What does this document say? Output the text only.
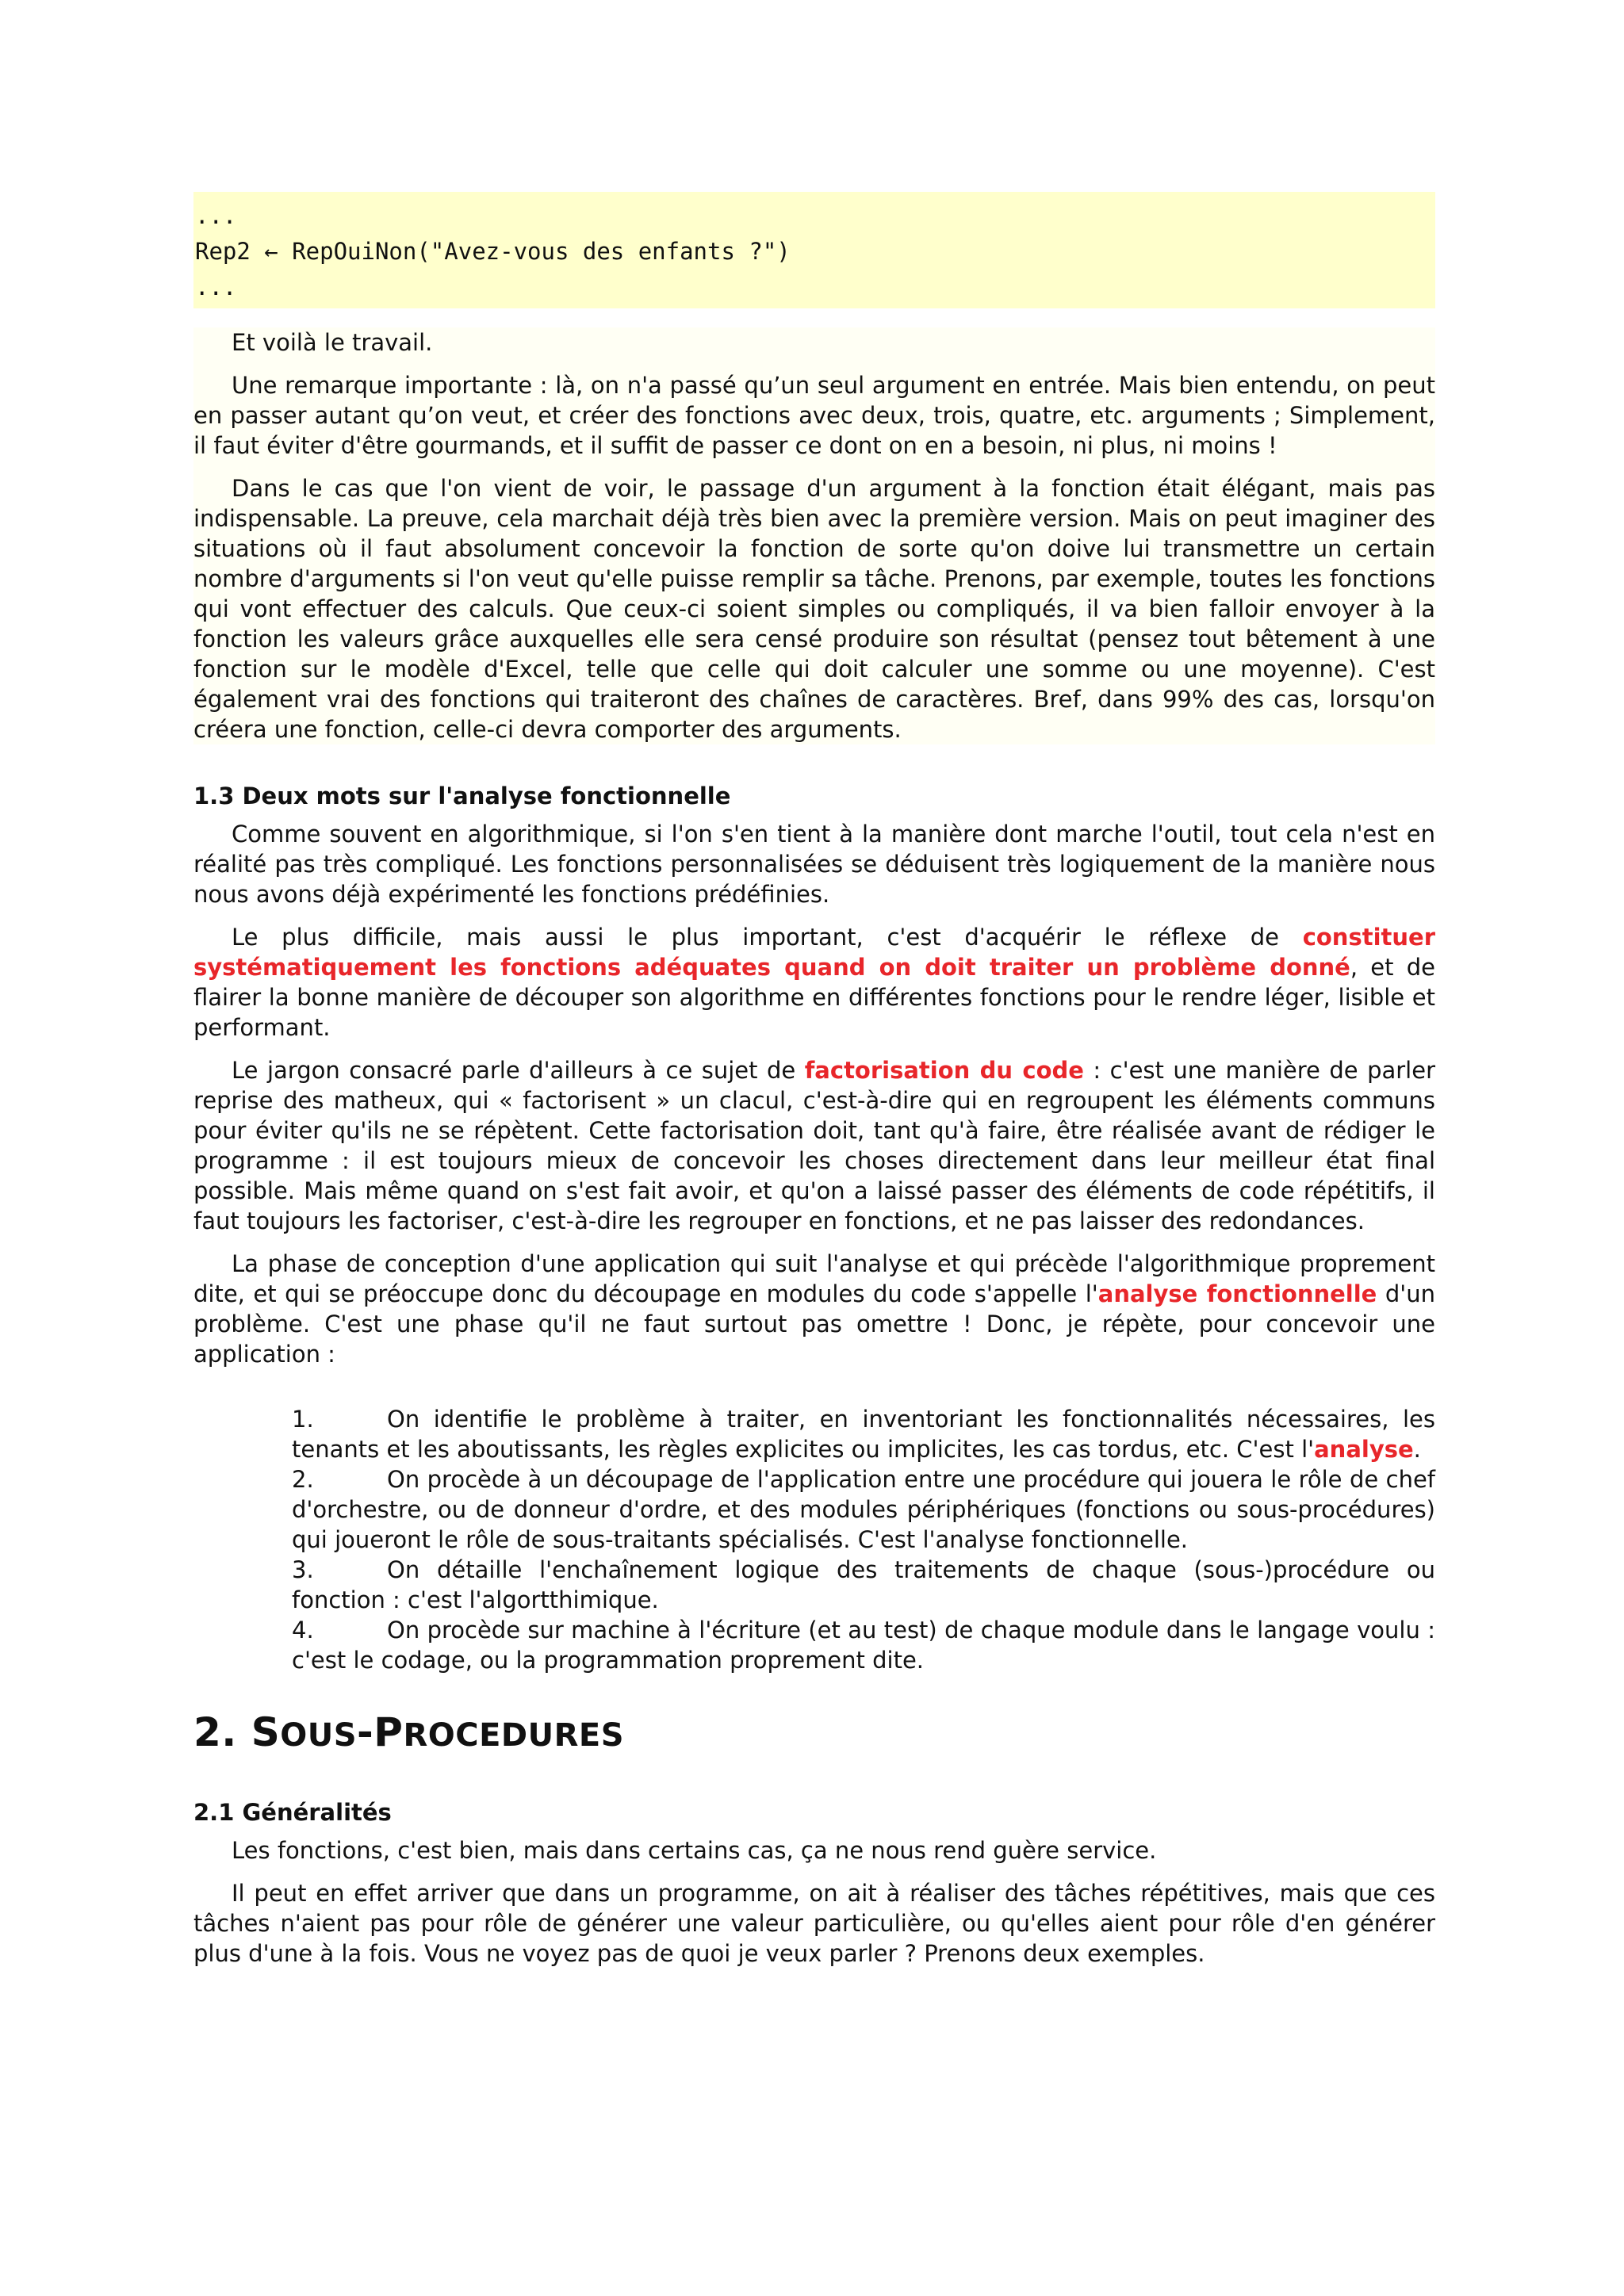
...
Rep2 ← RepOuiNon("Avez-vous des enfants ?")
...

Et voilà le travail.

Une remarque importante : là, on n'a passé qu’un seul argument en entrée. Mais bien entendu, on peut en passer autant qu’on veut, et créer des fonctions avec deux, trois, quatre, etc. arguments ; Simplement, il faut éviter d'être gourmands, et il suffit de passer ce dont on en a besoin, ni plus, ni moins !

Dans le cas que l'on vient de voir, le passage d'un argument à la fonction était élégant, mais pas indispensable. La preuve, cela marchait déjà très bien avec la première version. Mais on peut imaginer des situations où il faut absolument concevoir la fonction de sorte qu'on doive lui transmettre un certain nombre d'arguments si l'on veut qu'elle puisse remplir sa tâche. Prenons, par exemple, toutes les fonctions qui vont effectuer des calculs. Que ceux-ci soient simples ou compliqués, il va bien falloir envoyer à la fonction les valeurs grâce auxquelles elle sera censé produire son résultat (pensez tout bêtement à une fonction sur le modèle d'Excel, telle que celle qui doit calculer une somme ou une moyenne). C'est également vrai des fonctions qui traiteront des chaînes de caractères. Bref, dans 99% des cas, lorsqu'on créera une fonction, celle-ci devra comporter des arguments.

1.3 Deux mots sur l'analyse fonctionnelle

Comme souvent en algorithmique, si l'on s'en tient à la manière dont marche l'outil, tout cela n'est en réalité pas très compliqué. Les fonctions personnalisées se déduisent très logiquement de la manière nous nous avons déjà expérimenté les fonctions prédéfinies.

Le plus difficile, mais aussi le plus important, c'est d'acquérir le réflexe de constituer systématiquement les fonctions adéquates quand on doit traiter un problème donné, et de flairer la bonne manière de découper son algorithme en différentes fonctions pour le rendre léger, lisible et performant.

Le jargon consacré parle d'ailleurs à ce sujet de factorisation du code : c'est une manière de parler reprise des matheux, qui « factorisent » un clacul, c'est-à-dire qui en regroupent les éléments communs pour éviter qu'ils ne se répètent. Cette factorisation doit, tant qu'à faire, être réalisée avant de rédiger le programme : il est toujours mieux de concevoir les choses directement dans leur meilleur état final possible. Mais même quand on s'est fait avoir, et qu'on a laissé passer des éléments de code répétitifs, il faut toujours les factoriser, c'est-à-dire les regrouper en fonctions, et ne pas laisser des redondances.

La phase de conception d'une application qui suit l'analyse et qui précède l'algorithmique proprement dite, et qui se préoccupe donc du découpage en modules du code s'appelle l'analyse fonctionnelle d'un problème. C'est une phase qu'il ne faut surtout pas omettre ! Donc, je répète, pour concevoir une application :

1.	On identifie le problème à traiter, en inventoriant les fonctionnalités nécessaires, les tenants et les aboutissants, les règles explicites ou implicites, les cas tordus, etc. C'est l'analyse.
2.	On procède à un découpage de l'application entre une procédure qui jouera le rôle de chef d'orchestre, ou de donneur d'ordre, et des modules périphériques (fonctions ou sous-procédures) qui joueront le rôle de sous-traitants spécialisés. C'est l'analyse fonctionnelle.
3.	On détaille l'enchaînement logique des traitements de chaque (sous-)procédure ou fonction : c'est l'algortthimique.
4.	On procède sur machine à l'écriture (et au test) de chaque module dans le langage voulu : c'est le codage, ou la programmation proprement dite.
2. SOUS-PROCEDURES
2.1 Généralités

Les fonctions, c'est bien, mais dans certains cas, ça ne nous rend guère service.

Il peut en effet arriver que dans un programme, on ait à réaliser des tâches répétitives, mais que ces tâches n'aient pas pour rôle de générer une valeur particulière, ou qu'elles aient pour rôle d'en générer plus d'une à la fois. Vous ne voyez pas de quoi je veux parler ? Prenons deux exemples.
